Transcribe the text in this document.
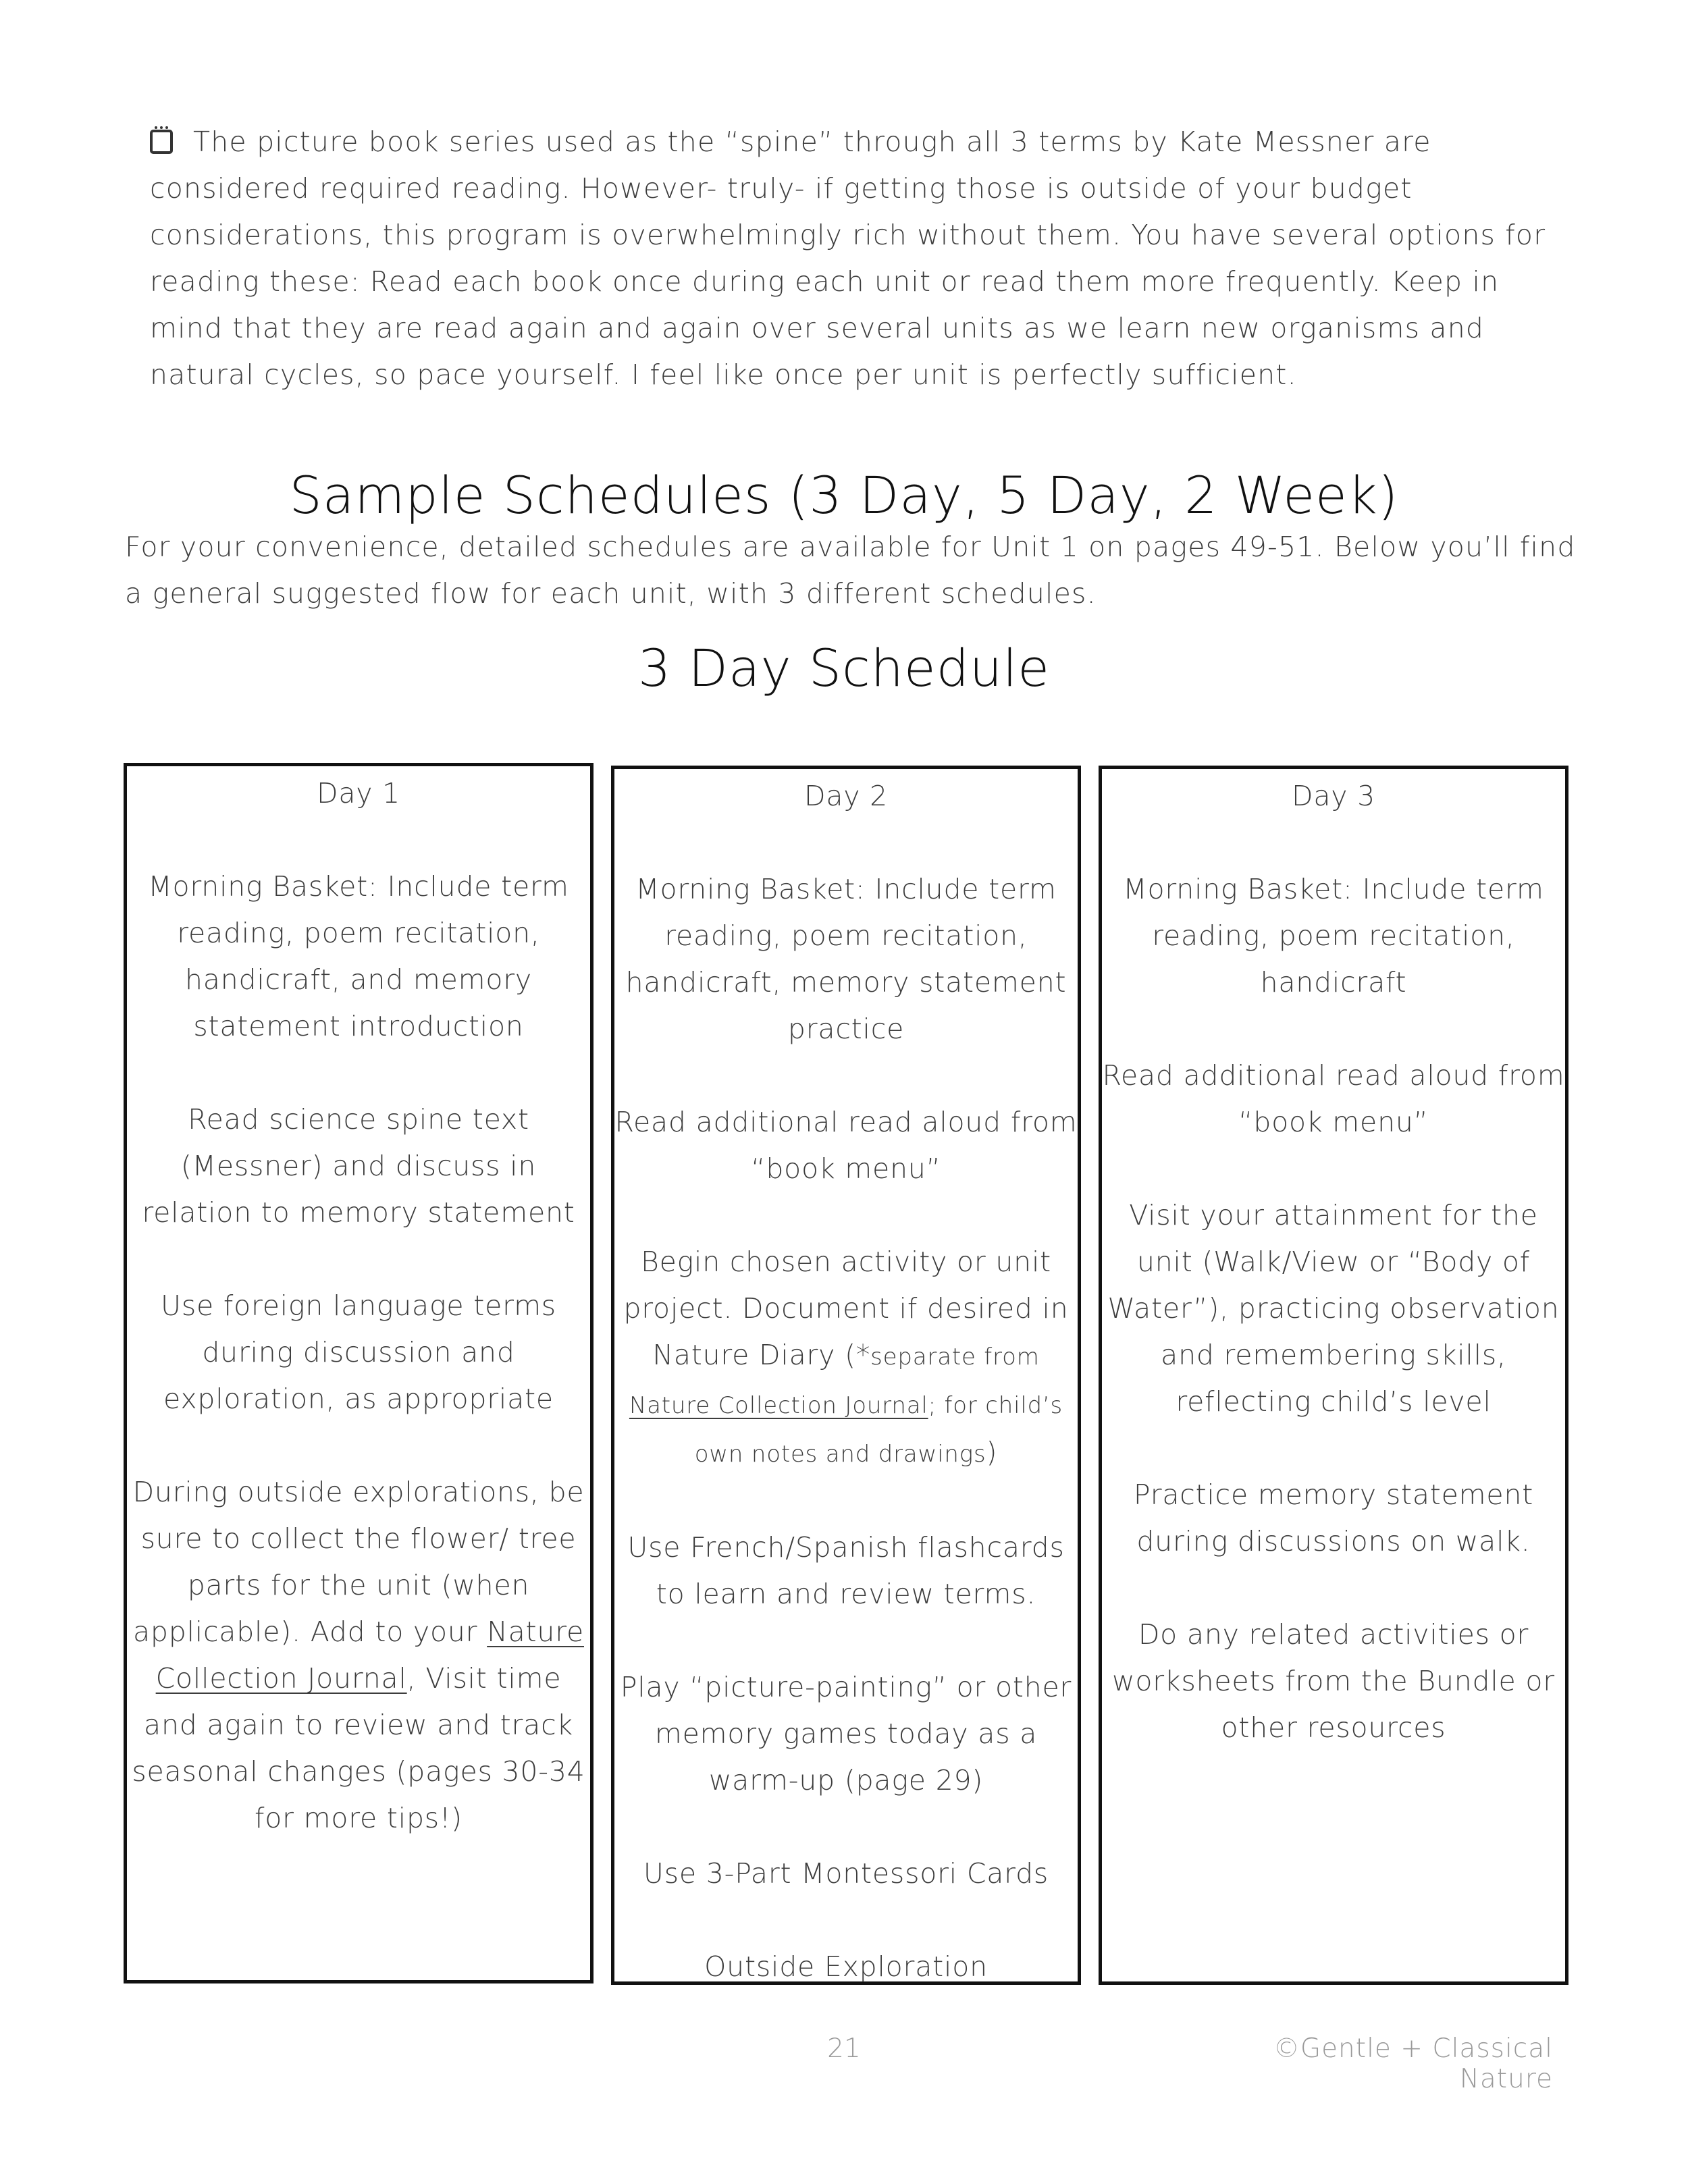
The picture book series used as the “spine” through all 3 terms by Kate Messner are considered required reading. However- truly- if getting those is outside of your budget considerations, this program is overwhelmingly rich without them. You have several options for reading these: Read each book once during each unit or read them more frequently. Keep in mind that they are read again and again over several units as we learn new organisms and natural cycles, so pace yourself. I feel like once per unit is perfectly sufficient.
Sample Schedules (3 Day, 5 Day, 2 Week)
For your convenience, detailed schedules are available for Unit 1 on pages 49-51. Below you’ll find a general suggested flow for each unit, with 3 different schedules.
3 Day Schedule
Day 1
Morning Basket: Include term reading, poem recitation, handicraft, and memory statement introduction
Read science spine text (Messner) and discuss in relation to memory statement
Use foreign language terms during discussion and exploration, as appropriate
During outside explorations, be sure to collect the flower/ tree parts for the unit (when applicable). Add to your Nature Collection Journal, Visit time and again to review and track seasonal changes (pages 30-34 for more tips!)
Day 2
Morning Basket: Include term reading, poem recitation, handicraft, memory statement practice
Read additional read aloud from “book menu”
Begin chosen activity or unit project. Document if desired in Nature Diary (*separate from Nature Collection Journal; for child’s own notes and drawings)
Use French/Spanish flashcards to learn and review terms.
Play “picture-painting” or other memory games today as a warm-up (page 29)
Use 3-Part Montessori Cards
Outside Exploration
Day 3
Morning Basket: Include term reading, poem recitation, handicraft
Read additional read aloud from “book menu”
Visit your attainment for the unit (Walk/View or “Body of Water”), practicing observation and remembering skills, reflecting child’s level
Practice memory statement during discussions on walk.
Do any related activities or worksheets from the Bundle or other resources
21	©Gentle + Classical Nature
